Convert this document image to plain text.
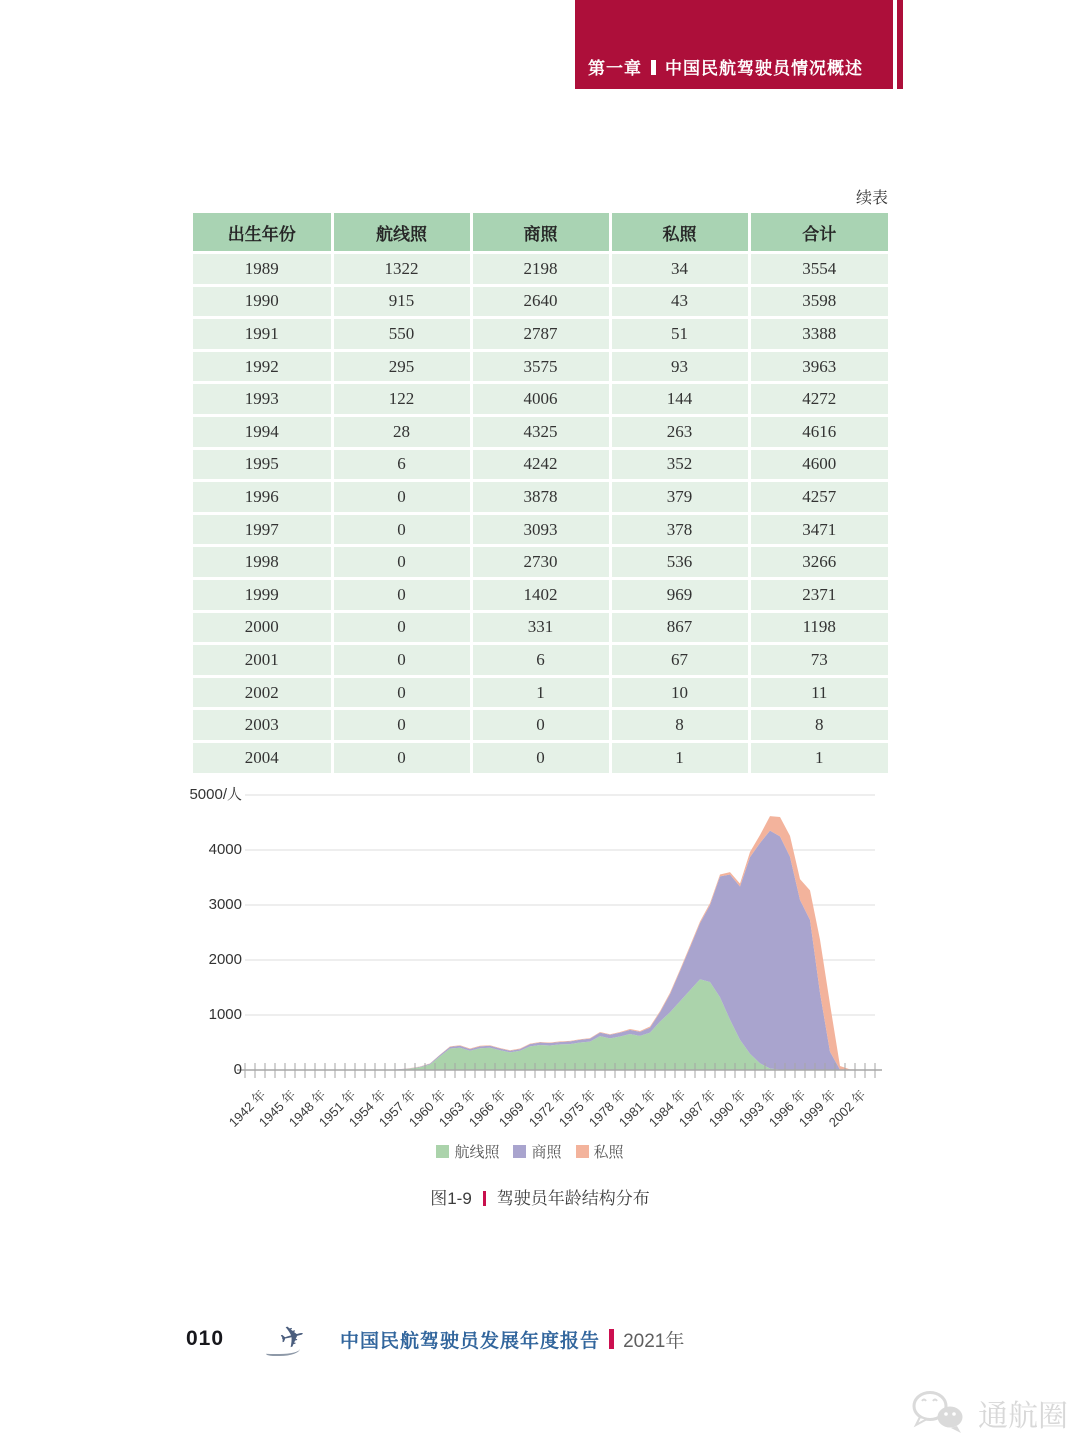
第一章 中国民航驾驶员情况概述
续表
出生年份	航线照	商照	私照	合计
1989	1322	2198	34	3554
1990	915	2640	43	3598
1991	550	2787	51	3388
1992	295	3575	93	3963
1993	122	4006	144	4272
1994	28	4325	263	4616
1995	6	4242	352	4600
1996	0	3878	379	4257
1997	0	3093	378	3471
1998	0	2730	536	3266
1999	0	1402	969	2371
2000	0	331	867	1198
2001	0	6	67	73
2002	0	1	10	11
2003	0	0	8	8
2004	0	0	1	1
0
1000
2000
3000
4000
5000/人
1942 年
1945 年
1948 年
1951 年
1954 年
1957 年
1960 年
1963 年
1966 年
1969 年
1972 年
1975 年
1978 年
1981 年
1984 年
1987 年
1990 年
1993 年
1996 年
1999 年
2002 年
航线照 商照 私照
图1-9 驾驶员年龄结构分布
010 ✈ 中国民航驾驶员发展年度报告 2021年
通航圈
